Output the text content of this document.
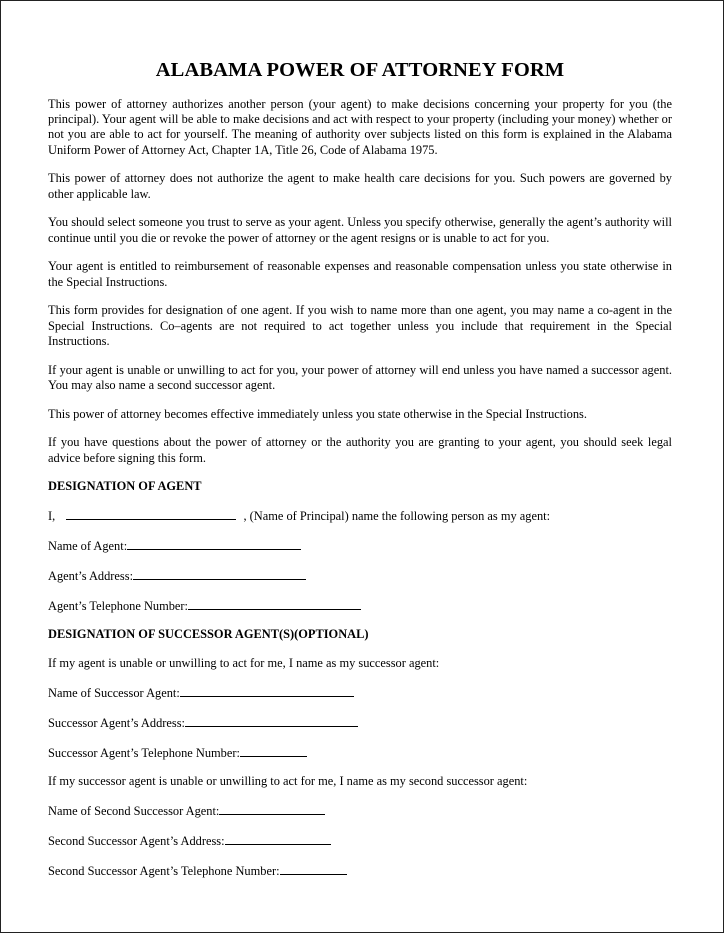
ALABAMA POWER OF ATTORNEY FORM

This power of attorney authorizes another person (your agent) to make decisions concerning your property for you (the principal). Your agent will be able to make decisions and act with respect to your property (including your money) whether or not you are able to act for yourself. The meaning of authority over subjects listed on this form is explained in the Alabama Uniform Power of Attorney Act, Chapter 1A, Title 26, Code of Alabama 1975.

This power of attorney does not authorize the agent to make health care decisions for you. Such powers are governed by other applicable law.

You should select someone you trust to serve as your agent. Unless you specify otherwise, generally the agent’s authority will continue until you die or revoke the power of attorney or the agent resigns or is unable to act for you.

Your agent is entitled to reimbursement of reasonable expenses and reasonable compensation unless you state otherwise in the Special Instructions.

This form provides for designation of one agent. If you wish to name more than one agent, you may name a co-agent in the Special Instructions. Co–agents are not required to act together unless you include that requirement in the Special Instructions.

If your agent is unable or unwilling to act for you, your power of attorney will end unless you have named a successor agent. You may also name a second successor agent.

This power of attorney becomes effective immediately unless you state otherwise in the Special Instructions.

If you have questions about the power of attorney or the authority you are granting to your agent, you should seek legal advice before signing this form.

DESIGNATION OF AGENT
I,	, (Name of Principal) name the following person as my agent:
Name of Agent:
Agent’s Address:
Agent’s Telephone Number:
DESIGNATION OF SUCCESSOR AGENT(S)(OPTIONAL)
If my agent is unable or unwilling to act for me, I name as my successor agent:
Name of Successor Agent:
Successor Agent’s Address:
Successor Agent’s Telephone Number:
If my successor agent is unable or unwilling to act for me, I name as my second successor agent:
Name of Second Successor Agent:
Second Successor Agent’s Address:
Second Successor Agent’s Telephone Number:
